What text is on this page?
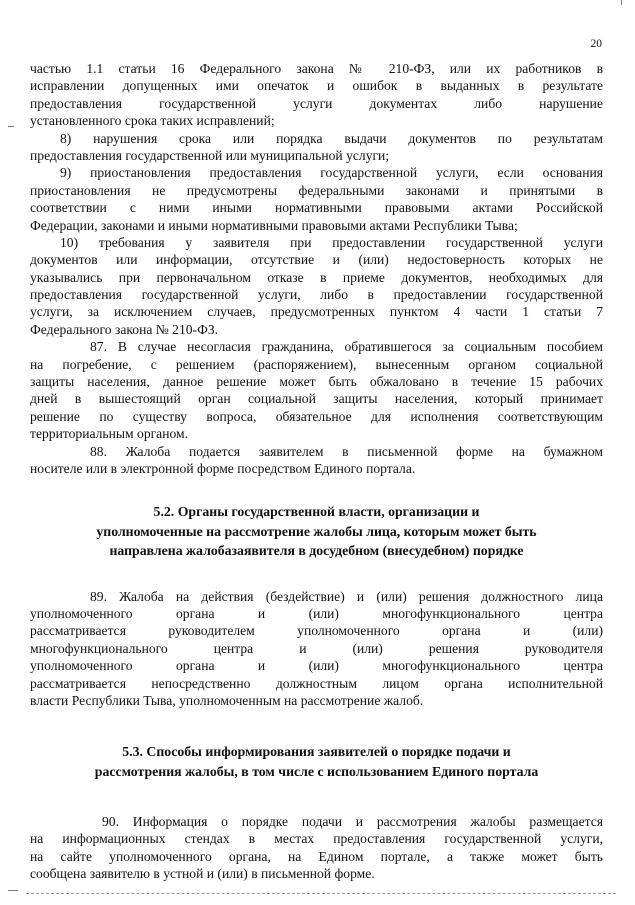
20
частью 1.1 статьи 16 Федерального закона № 210-ФЗ, или их работников в
исправлении допущенных ими опечаток и ошибок в выданных в результате
предоставления государственной услуги документах либо нарушение
установленного срока таких исправлений;
8) нарушения срока или порядка выдачи документов по результатам
предоставления государственной или муниципальной услуги;
9) приостановления предоставления государственной услуги, если основания
приостановления не предусмотрены федеральными законами и принятыми в
соответствии с ними иными нормативными правовыми актами Российской
Федерации, законами и иными нормативными правовыми актами Республики Тыва;
10) требования у заявителя при предоставлении государственной услуги
документов или информации, отсутствие и (или) недостоверность которых не
указывались при первоначальном отказе в приеме документов, необходимых для
предоставления государственной услуги, либо в предоставлении государственной
услуги, за исключением случаев, предусмотренных пунктом 4 части 1 статьи 7
Федерального закона № 210-ФЗ.
87. В случае несогласия гражданина, обратившегося за социальным пособием
на погребение, с решением (распоряжением), вынесенным органом социальной
защиты населения, данное решение может быть обжаловано в течение 15 рабочих
дней в вышестоящий орган социальной защиты населения, который принимает
решение по существу вопроса, обязательное для исполнения соответствующим
территориальным органом.
88. Жалоба подается заявителем в письменной форме на бумажном
носителе или в электронной форме посредством Единого портала.
5.2. Органы государственной власти, организации и
уполномоченные на рассмотрение жалобы лица, которым может быть
направлена жалобазаявителя в досудебном (внесудебном) порядке
89. Жалоба на действия (бездействие) и (или) решения должностного лица
уполномоченного органа и (или) многофункционального центра
рассматривается руководителем уполномоченного органа и (или)
многофункционального центра и (или) решения руководителя
уполномоченного органа и (или) многофункционального центра
рассматривается непосредственно должностным лицом органа исполнительной
власти Республики Тыва, уполномоченным на рассмотрение жалоб.
5.3. Способы информирования заявителей о порядке подачи и
рассмотрения жалобы, в том числе с использованием Единого портала
90. Информация о порядке подачи и рассмотрения жалобы размещается
на информационных стендах в местах предоставления государственной услуги,
на сайте уполномоченного органа, на Едином портале, а также может быть
сообщена заявителю в устной и (или) в письменной форме.
